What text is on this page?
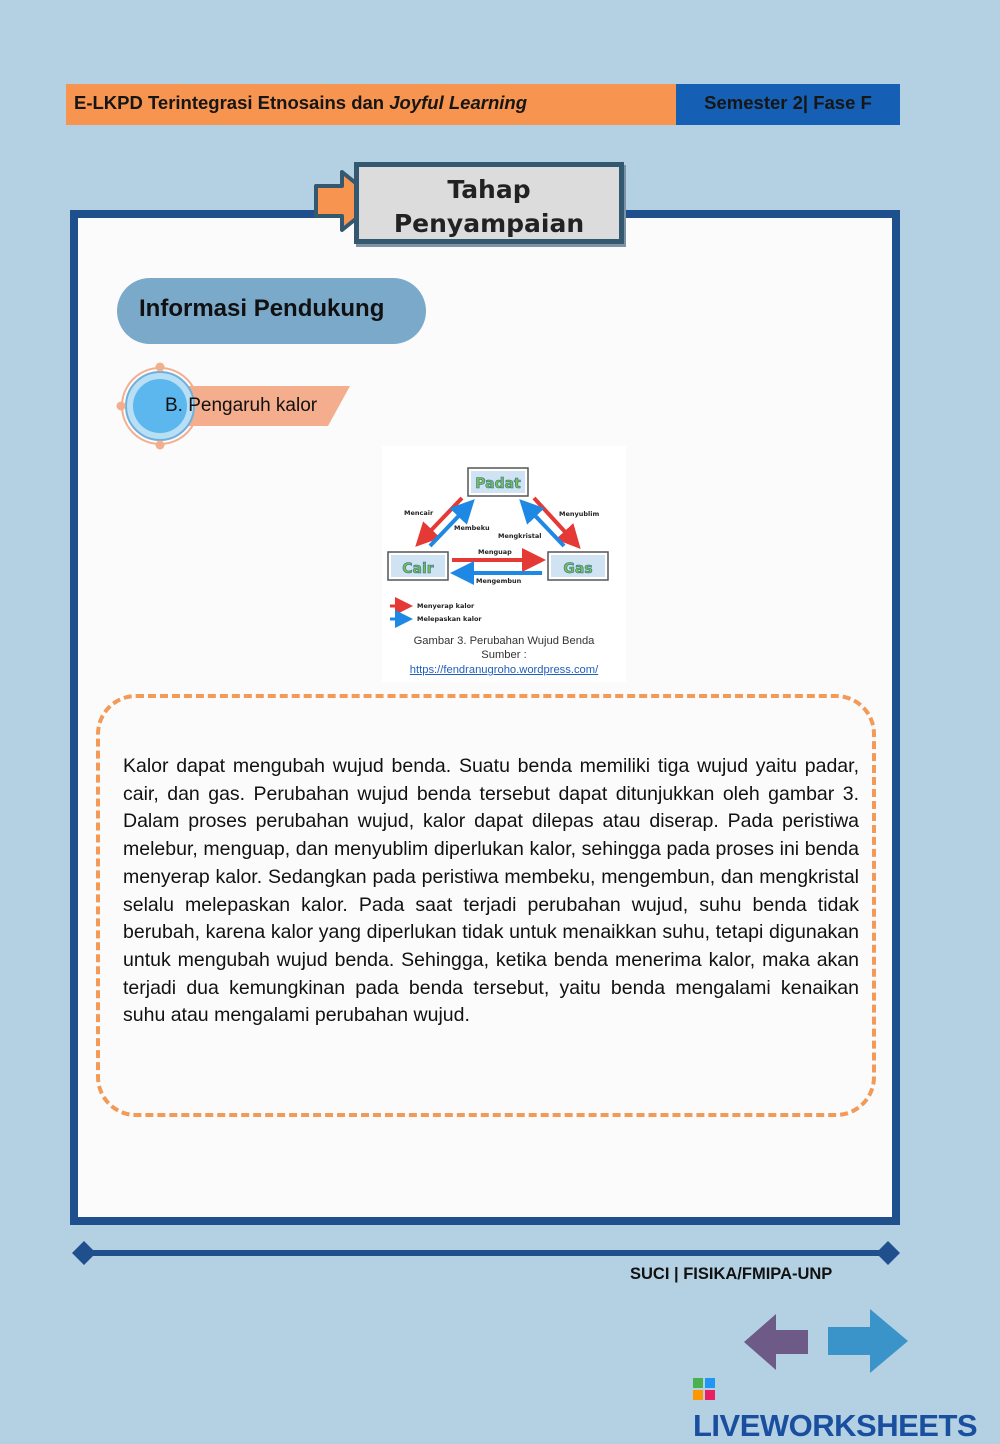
E-LKPD Terintegrasi Etnosains dan Joyful Learning	Semester 2| Fase F
Tahap
Penyampaian
Informasi Pendukung
B. Pengaruh kalor
Padat
Cair	Gas
Mencair
Membeku
Menyublim
Mengkristal
Menguap
Mengembun
Menyerap kalor
Melepaskan kalor
Gambar 3. Perubahan Wujud Benda
Sumber :
https://fendranugroho.wordpress.com/

Kalor dapat mengubah wujud benda. Suatu benda memiliki tiga wujud yaitu padar, cair, dan gas. Perubahan wujud benda tersebut dapat ditunjukkan oleh gambar 3. Dalam proses perubahan wujud, kalor dapat dilepas atau diserap. Pada peristiwa melebur, menguap, dan menyublim diperlukan kalor, sehingga pada proses ini benda menyerap kalor. Sedangkan pada peristiwa membeku, mengembun, dan mengkristal selalu melepaskan kalor. Pada saat terjadi perubahan wujud, suhu benda tidak berubah, karena kalor yang diperlukan tidak untuk menaikkan suhu, tetapi digunakan untuk mengubah wujud benda. Sehingga, ketika benda menerima kalor, maka akan terjadi dua kemungkinan pada benda tersebut, yaitu benda mengalami kenaikan suhu atau mengalami perubahan wujud.

SUCI | FISIKA/FMIPA-UNP
LIVEWORKSHEETS
